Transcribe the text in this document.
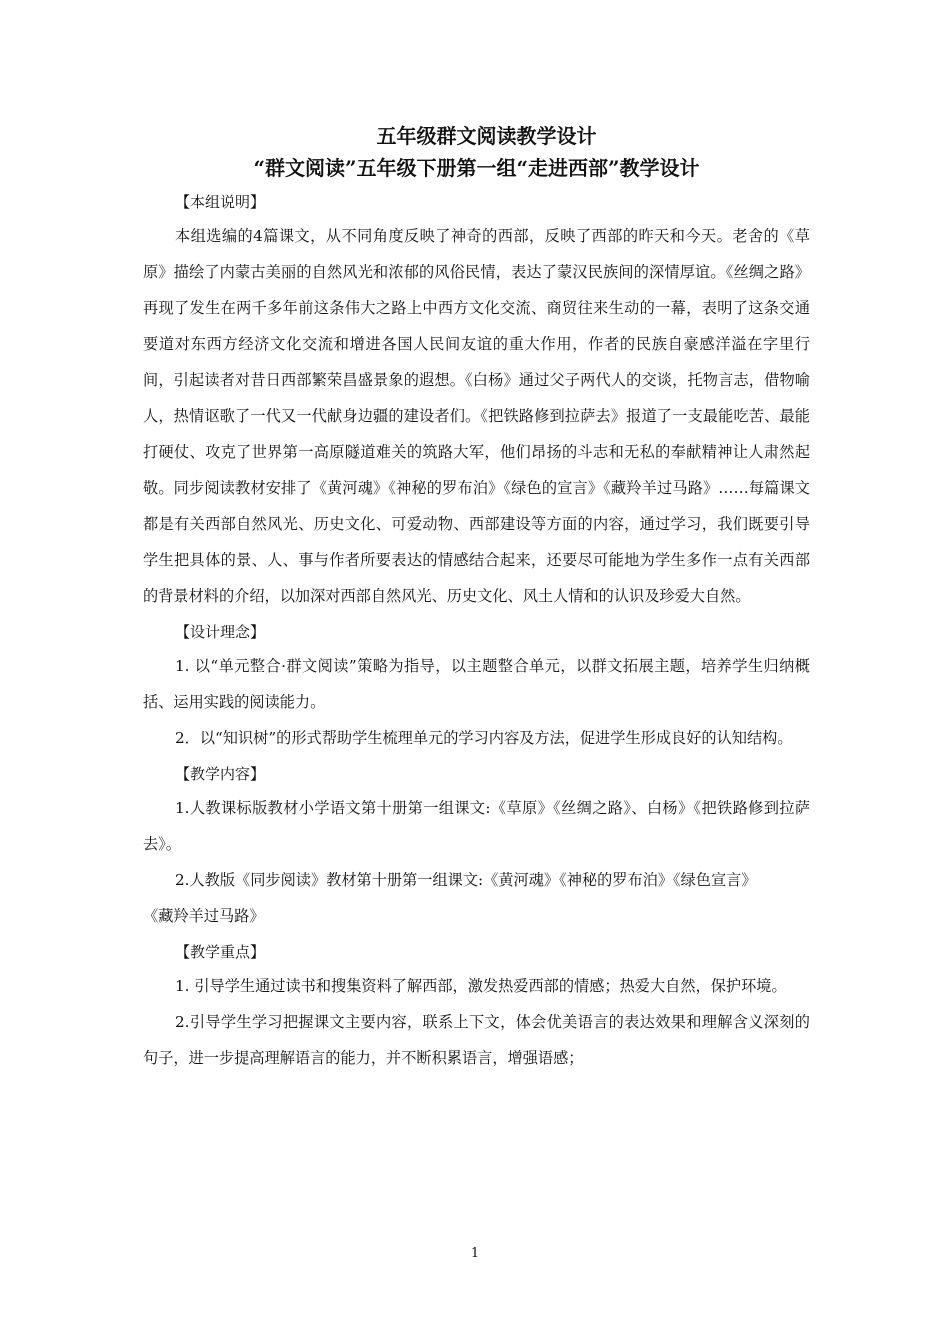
五年级群文阅读教学设计
“群文阅读”五年级下册第一组“走进西部”教学设计
【本组说明】

本组选编的4篇课文，从不同角度反映了神奇的西部，反映了西部的昨天和今天。老舍的《草原》描绘了内蒙古美丽的自然风光和浓郁的风俗民情，表达了蒙汉民族间的深情厚谊。《丝绸之路》再现了发生在两千多年前这条伟大之路上中西方文化交流、商贸往来生动的一幕，表明了这条交通要道对东西方经济文化交流和增进各国人民间友谊的重大作用，作者的民族自豪感洋溢在字里行间，引起读者对昔日西部繁荣昌盛景象的遐想。《白杨》通过父子两代人的交谈，托物言志，借物喻人，热情讴歌了一代又一代献身边疆的建设者们。《把铁路修到拉萨去》报道了一支最能吃苦、最能打硬仗、攻克了世界第一高原隧道难关的筑路大军，他们昂扬的斗志和无私的奉献精神让人肃然起敬。同步阅读教材安排了《黄河魂》《神秘的罗布泊》《绿色的宣言》《藏羚羊过马路》……每篇课文都是有关西部自然风光、历史文化、可爱动物、西部建设等方面的内容，通过学习，我们既要引导学生把具体的景、人、事与作者所要表达的情感结合起来，还要尽可能地为学生多作一点有关西部的背景材料的介绍，以加深对西部自然风光、历史文化、风土人情和的认识及珍爱大自然。

【设计理念】

1. 以“单元整合·群文阅读”策略为指导，以主题整合单元，以群文拓展主题，培养学生归纳概括、运用实践的阅读能力。

2．以“知识树”的形式帮助学生梳理单元的学习内容及方法，促进学生形成良好的认知结构。

【教学内容】

1.人教课标版教材小学语文第十册第一组课文:《草原》《丝绸之路》、白杨》《把铁路修到拉萨去》。

2.人教版《同步阅读》教材第十册第一组课文:《黄河魂》《神秘的罗布泊》《绿色宣言》

《藏羚羊过马路》

【教学重点】

1. 引导学生通过读书和搜集资料了解西部，激发热爱西部的情感；热爱大自然，保护环境。

2.引导学生学习把握课文主要内容，联系上下文，体会优美语言的表达效果和理解含义深刻的句子，进一步提高理解语言的能力，并不断积累语言，增强语感；

1
